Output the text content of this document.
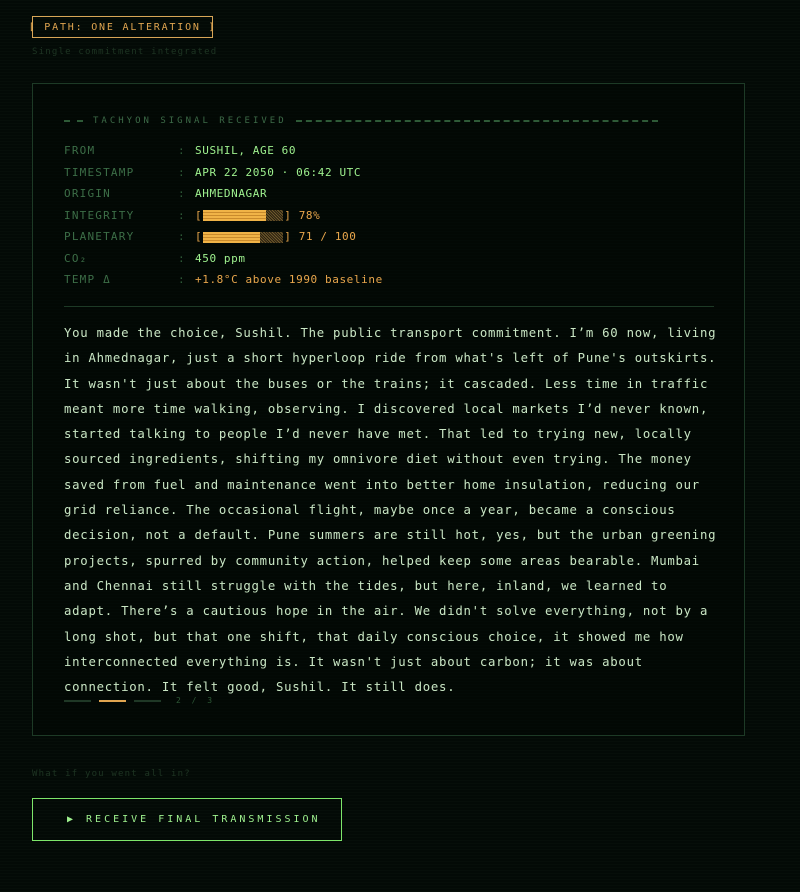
[ PATH: ONE ALTERATION ]
Single commitment integrated
TACHYON SIGNAL RECEIVED
FROM	: SUSHIL, AGE 60
TIMESTAMP	: APR 22 2050 · 06:42 UTC
ORIGIN	: AHMEDNAGAR
INTEGRITY	: [	] 78%
PLANETARY	: [	] 71 / 100
CO₂	: 450 ppm
TEMP Δ	: +1.8°C above 1990 baseline

You made the choice, Sushil. The public transport commitment. I’m 60 now, living in Ahmednagar, just a short hyperloop ride from what's left of Pune's outskirts. It wasn't just about the buses or the trains; it cascaded. Less time in traffic meant more time walking, observing. I discovered local markets I’d never known, started talking to people I’d never have met. That led to trying new, locally sourced ingredients, shifting my omnivore diet without even trying. The money saved from fuel and maintenance went into better home insulation, reducing our grid reliance. The occasional flight, maybe once a year, became a conscious decision, not a default. Pune summers are still hot, yes, but the urban greening projects, spurred by community action, helped keep some areas bearable. Mumbai and Chennai still struggle with the tides, but here, inland, we learned to adapt. There’s a cautious hope in the air. We didn't solve everything, not by a long shot, but that one shift, that daily conscious choice, it showed me how interconnected everything is. It wasn't just about carbon; it was about connection. It felt good, Sushil. It still does.

2 / 3
What if you went all in?
▶ RECEIVE FINAL TRANSMISSION
